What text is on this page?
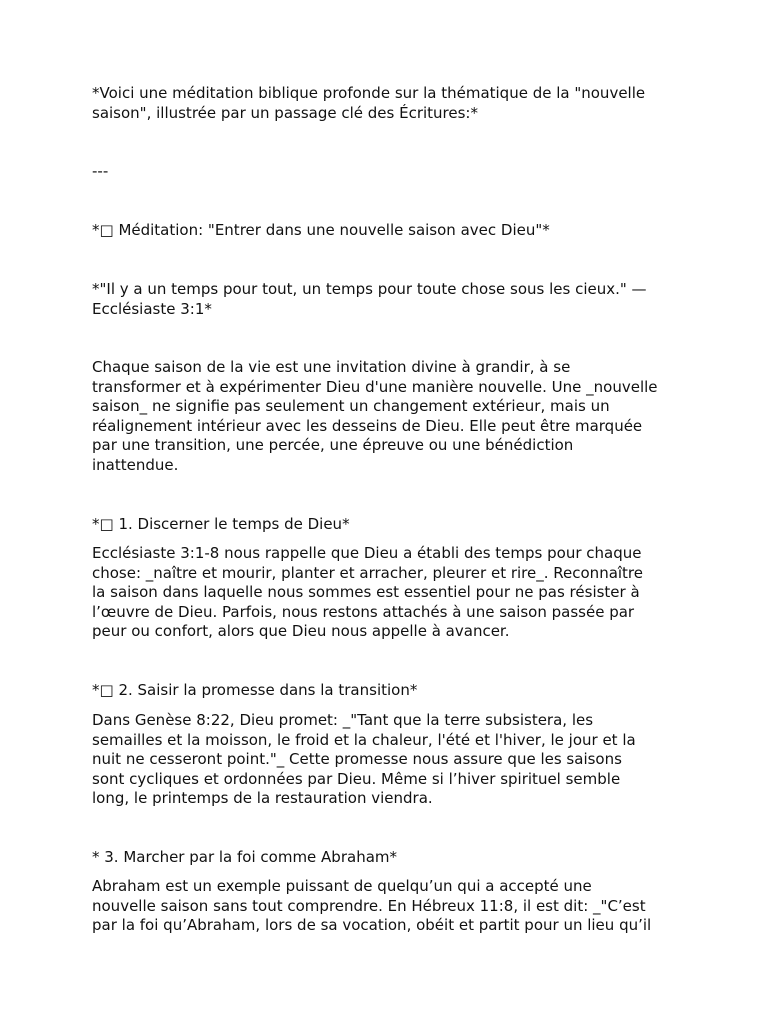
*Voici une méditation biblique profonde sur la thématique de la "nouvelle
saison", illustrée par un passage clé des Écritures:*
---
*□ Méditation: "Entrer dans une nouvelle saison avec Dieu"*
*"Il y a un temps pour tout, un temps pour toute chose sous les cieux." —
Ecclésiaste 3:1*
Chaque saison de la vie est une invitation divine à grandir, à se
transformer et à expérimenter Dieu d'une manière nouvelle. Une _nouvelle
saison_ ne signifie pas seulement un changement extérieur, mais un
réalignement intérieur avec les desseins de Dieu. Elle peut être marquée
par une transition, une percée, une épreuve ou une bénédiction
inattendue.
*□ 1. Discerner le temps de Dieu*
Ecclésiaste 3:1-8 nous rappelle que Dieu a établi des temps pour chaque
chose: _naître et mourir, planter et arracher, pleurer et rire_. Reconnaître
la saison dans laquelle nous sommes est essentiel pour ne pas résister à
l’œuvre de Dieu. Parfois, nous restons attachés à une saison passée par
peur ou confort, alors que Dieu nous appelle à avancer.
*□ 2. Saisir la promesse dans la transition*
Dans Genèse 8:22, Dieu promet: _"Tant que la terre subsistera, les
semailles et la moisson, le froid et la chaleur, l'été et l'hiver, le jour et la
nuit ne cesseront point."_ Cette promesse nous assure que les saisons
sont cycliques et ordonnées par Dieu. Même si l’hiver spirituel semble
long, le printemps de la restauration viendra.
* 3. Marcher par la foi comme Abraham*
Abraham est un exemple puissant de quelqu’un qui a accepté une
nouvelle saison sans tout comprendre. En Hébreux 11:8, il est dit: _"C’est
par la foi qu’Abraham, lors de sa vocation, obéit et partit pour un lieu qu’il
